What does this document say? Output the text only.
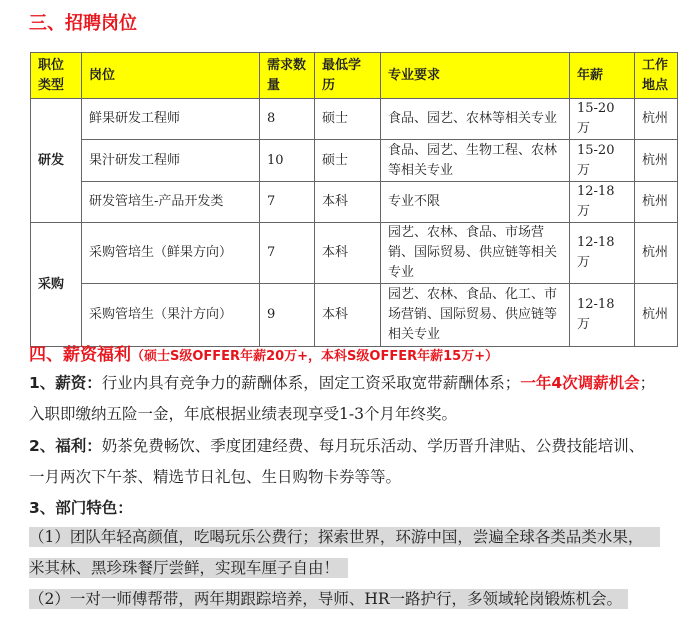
三、招聘岗位
职位类型	岗位	需求数量	最低学历	专业要求	年薪	工作地点
研发	鲜果研发工程师	8	硕士	食品、园艺、农林等相关专业	15-20 万	杭州
	果汁研发工程师	10	硕士	食品、园艺、生物工程、农林等相关专业	15-20 万	杭州
	研发管培生-产品开发类	7	本科	专业不限	12-18 万	杭州
采购	采购管培生（鲜果方向）	7	本科	园艺、农林、食品、市场营销、国际贸易、供应链等相关专业	12-18 万	杭州
	采购管培生（果汁方向）	9	本科	园艺、农林、食品、化工、市场营销、国际贸易、供应链等相关专业	12-18 万	杭州
四、薪资福利（硕士S级OFFER年薪20万+，本科S级OFFER年薪15万+）
1、薪资：行业内具有竞争力的薪酬体系，固定工资采取宽带薪酬体系；一年4次调薪机会；
入职即缴纳五险一金，年底根据业绩表现享受1-3个月年终奖。
2、福利：奶茶免费畅饮、季度团建经费、每月玩乐活动、学历晋升津贴、公费技能培训、
一月两次下午茶、精选节日礼包、生日购物卡券等等。
3、部门特色：
（1）团队年轻高颜值，吃喝玩乐公费行；探索世界，环游中国，尝遍全球各类品类水果，
米其林、黑珍珠餐厅尝鲜，实现车厘子自由！
（2）一对一师傅帮带，两年期跟踪培养，导师、HR一路护行，多领域轮岗锻炼机会。
